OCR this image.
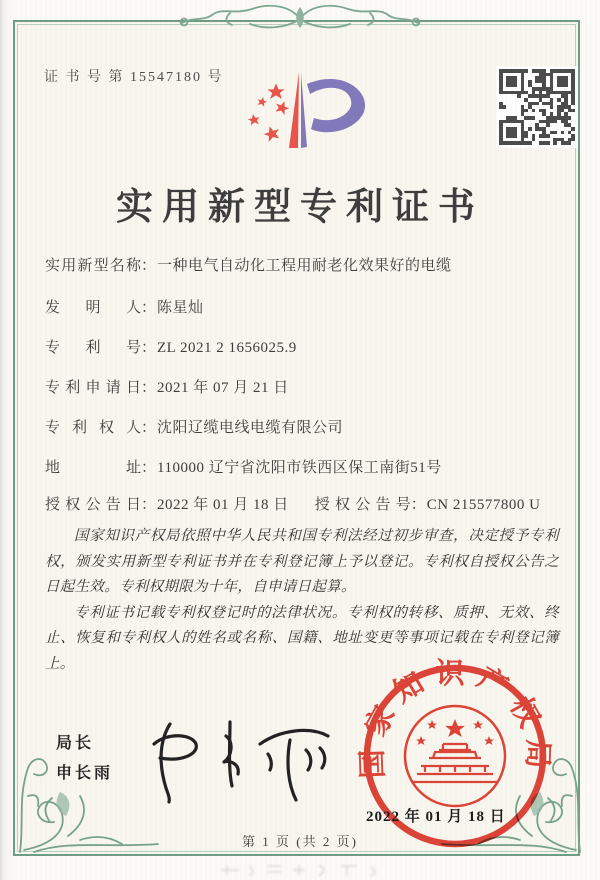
证 书 号 第 15547180 号
实用新型专利证书
实用新型名称：一种电气自动化工程用耐老化效果好的电缆
发明人：陈星灿
专利号：ZL 2021 2 1656025.9
专利申请日：2021 年 07 月 21 日
专利权人：沈阳辽缆电线电缆有限公司
地址：110000 辽宁省沈阳市铁西区保工南街51号
授权公告日：2022 年 01 月 18 日 授权公告号：CN 215577800 U

国家知识产权局依照中华人民共和国专利法经过初步审查，决定授予专利权，颁发实用新型专利证书并在专利登记簿上予以登记。专利权自授权公告之日起生效。专利权期限为十年，自申请日起算。

专利证书记载专利权登记时的法律状况。专利权的转移、质押、无效、终止、恢复和专利权人的姓名或名称、国籍、地址变更等事项记载在专利登记簿上。

局长
申长雨	国家知识产权局
2022 年 01 月 18 日
第 1 页 (共 2 页)
